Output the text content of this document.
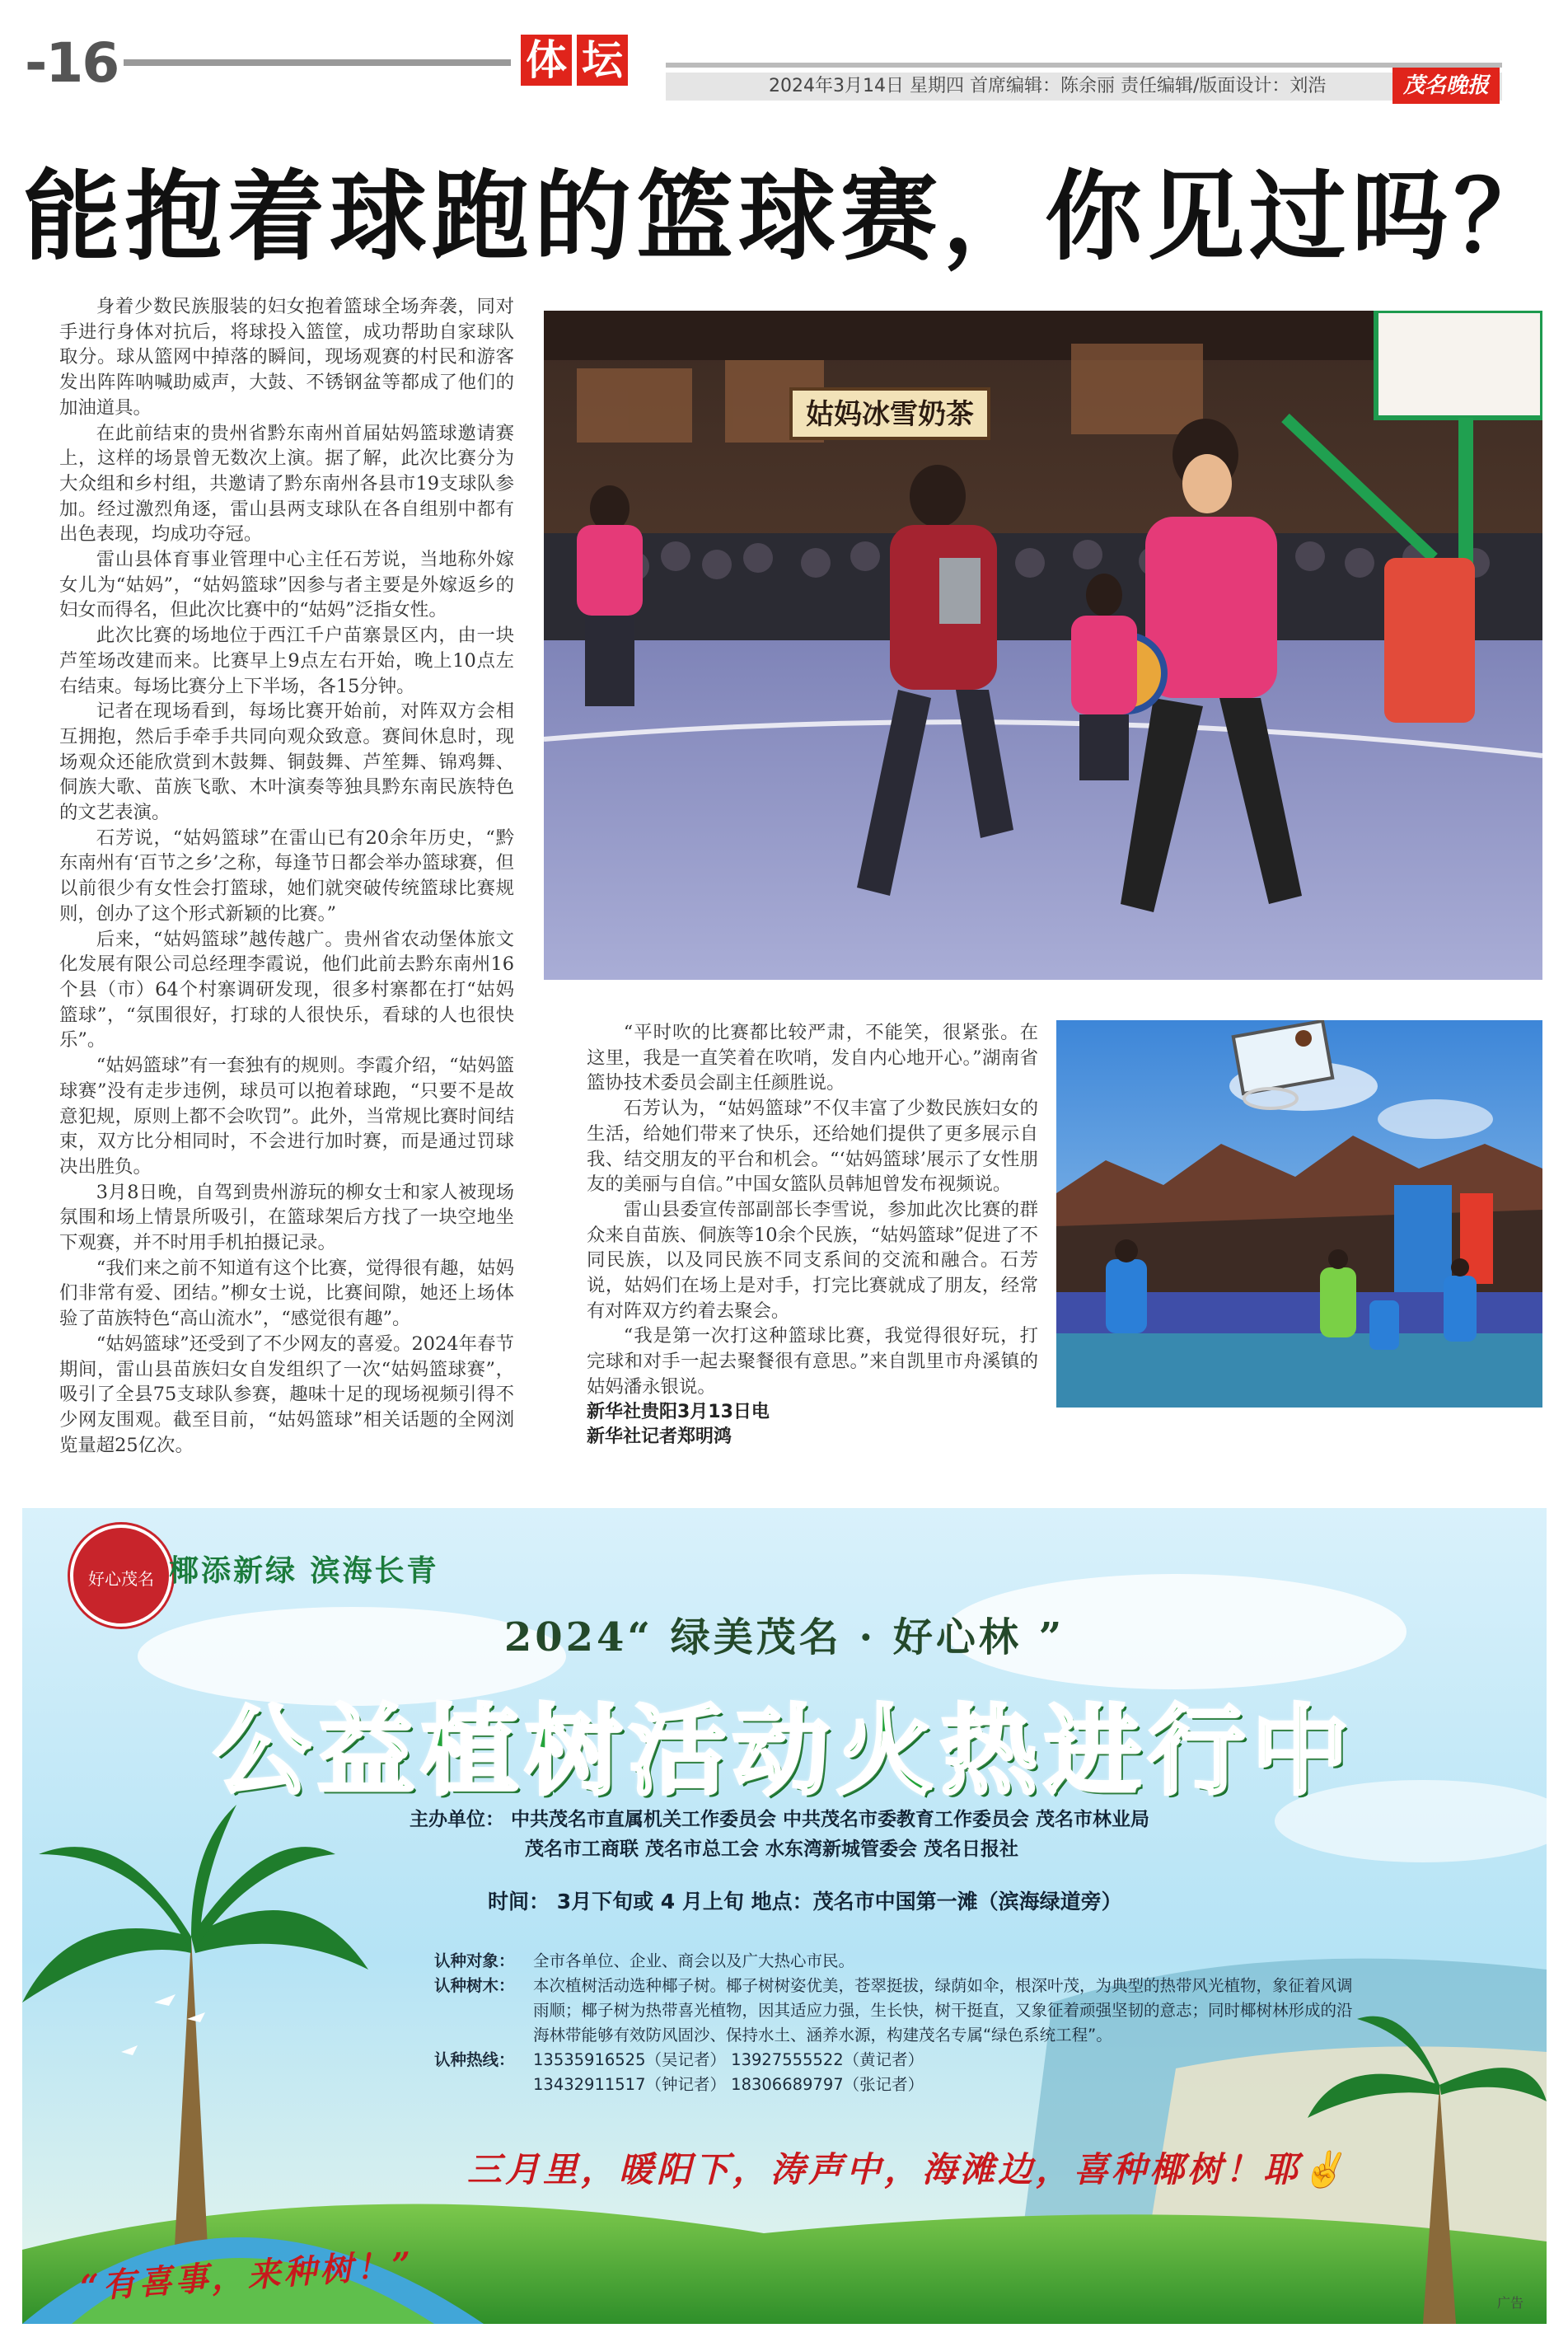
-16	体 坛
2024年3月14日 星期四 首席编辑：陈余丽 责任编辑/版面设计：刘浩	茂名晚报
能抱着球跑的篮球赛，你见过吗？

身着少数民族服装的妇女抱着篮球全场奔袭，同对手进行身体对抗后，将球投入篮筐，成功帮助自家球队取分。球从篮网中掉落的瞬间，现场观赛的村民和游客发出阵阵呐喊助威声，大鼓、不锈钢盆等都成了他们的加油道具。

在此前结束的贵州省黔东南州首届姑妈篮球邀请赛上，这样的场景曾无数次上演。据了解，此次比赛分为大众组和乡村组，共邀请了黔东南州各县市19支球队参加。经过激烈角逐，雷山县两支球队在各自组别中都有出色表现，均成功夺冠。

雷山县体育事业管理中心主任石芳说，当地称外嫁女儿为“姑妈”，“姑妈篮球”因参与者主要是外嫁返乡的妇女而得名，但此次比赛中的“姑妈”泛指女性。

此次比赛的场地位于西江千户苗寨景区内，由一块芦笙场改建而来。比赛早上9点左右开始，晚上10点左右结束。每场比赛分上下半场，各15分钟。

记者在现场看到，每场比赛开始前，对阵双方会相互拥抱，然后手牵手共同向观众致意。赛间休息时，现场观众还能欣赏到木鼓舞、铜鼓舞、芦笙舞、锦鸡舞、侗族大歌、苗族飞歌、木叶演奏等独具黔东南民族特色的文艺表演。

石芳说，“姑妈篮球”在雷山已有20余年历史，“黔东南州有‘百节之乡’之称，每逢节日都会举办篮球赛，但以前很少有女性会打篮球，她们就突破传统篮球比赛规则，创办了这个形式新颖的比赛。”

后来，“姑妈篮球”越传越广。贵州省农动堡体旅文化发展有限公司总经理李霞说，他们此前去黔东南州16个县（市）64个村寨调研发现，很多村寨都在打“姑妈篮球”，“氛围很好，打球的人很快乐，看球的人也很快乐”。

“姑妈篮球”有一套独有的规则。李霞介绍，“姑妈篮球赛”没有走步违例，球员可以抱着球跑，“只要不是故意犯规，原则上都不会吹罚”。此外，当常规比赛时间结束，双方比分相同时，不会进行加时赛，而是通过罚球决出胜负。

3月8日晚，自驾到贵州游玩的柳女士和家人被现场氛围和场上情景所吸引，在篮球架后方找了一块空地坐下观赛，并不时用手机拍摄记录。

“我们来之前不知道有这个比赛，觉得很有趣，姑妈们非常有爱、团结。”柳女士说，比赛间隙，她还上场体验了苗族特色“高山流水”，“感觉很有趣”。

“姑妈篮球”还受到了不少网友的喜爱。2024年春节期间，雷山县苗族妇女自发组织了一次“姑妈篮球赛”，吸引了全县75支球队参赛，趣味十足的现场视频引得不少网友围观。截至目前，“姑妈篮球”相关话题的全网浏览量超25亿次。

姑妈冰雪奶茶

“平时吹的比赛都比较严肃，不能笑，很紧张。在这里，我是一直笑着在吹哨，发自内心地开心。”湖南省篮协技术委员会副主任颜胜说。

石芳认为，“姑妈篮球”不仅丰富了少数民族妇女的生活，给她们带来了快乐，还给她们提供了更多展示自我、结交朋友的平台和机会。“‘姑妈篮球’展示了女性朋友的美丽与自信。”中国女篮队员韩旭曾发布视频说。

雷山县委宣传部副部长李雪说，参加此次比赛的群众来自苗族、侗族等10余个民族，“姑妈篮球”促进了不同民族，以及同民族不同支系间的交流和融合。石芳说，姑妈们在场上是对手，打完比赛就成了朋友，经常有对阵双方约着去聚会。

“我是第一次打这种篮球比赛，我觉得很好玩，打完球和对手一起去聚餐很有意思。”来自凯里市舟溪镇的姑妈潘永银说。

新华社贵阳3月13日电
新华社记者郑明鸿
好心茂名 椰添新绿 滨海长青
2024“ 绿美茂名 · 好心林 ”
公益植树活动火热进行中
主办单位： 中共茂名市直属机关工作委员会 中共茂名市委教育工作委员会 茂名市林业局
茂名市工商联 茂名市总工会 水东湾新城管委会 茂名日报社
时间： 3月下旬或 4 月上旬 地点：茂名市中国第一滩（滨海绿道旁）
认种对象：	全市各单位、企业、商会以及广大热心市民。
认种树木：	本次植树活动选种椰子树。椰子树树姿优美，苍翠挺拔，绿荫如伞，根深叶茂，为典型的热带风光植物，象征着风调雨顺；椰子树为热带喜光植物，因其适应力强，生长快，树干挺直，又象征着顽强坚韧的意志；同时椰树林形成的沿海林带能够有效防风固沙、保持水土、涵养水源，构建茂名专属“绿色系统工程”。
认种热线：	13535916525（吴记者） 13927555522（黄记者）
13432911517（钟记者） 18306689797（张记者）
三月里，暖阳下，涛声中，海滩边，喜种椰树！耶✌
“有喜事，来种树！”	广告
